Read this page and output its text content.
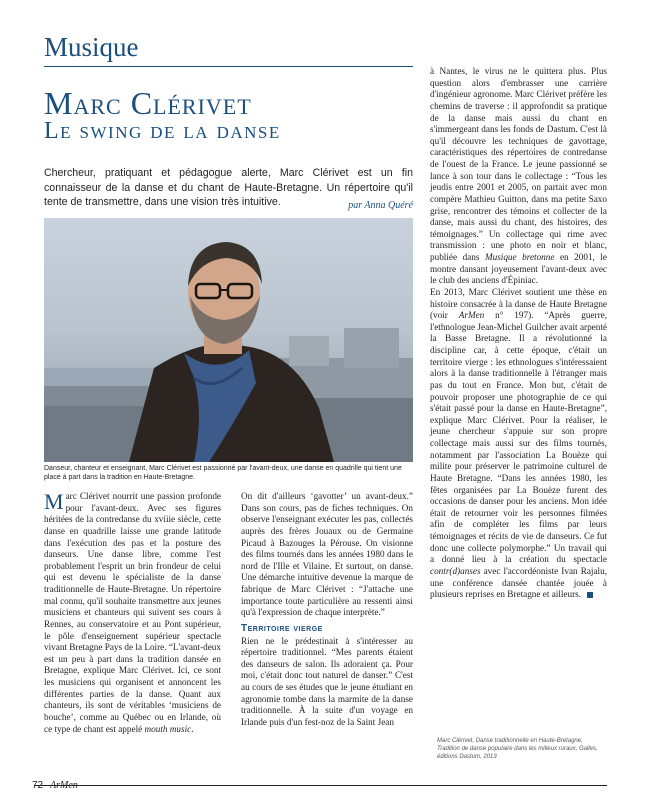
Musique
Marc Clérivet
Le swing de la danse

Chercheur, pratiquant et pédagogue alerte, Marc Clérivet est un fin connaisseur de la danse et du chant de Haute-Bretagne. Un répertoire qu'il tente de transmettre, dans une vision très intuitive.	par Anna Quéré

Danseur, chanteur et enseignant, Marc Clérivet est passionné par l'avant-deux, une danse en quadrille qui tient une place à part dans la tradition en Haute-Bretagne.

Marc Clérivet nourrit une passion profonde pour l'avant-deux. Avec ses figures héritées de la contredanse du xviiie siècle, cette danse en quadrille laisse une grande latitude dans l'exécution des pas et la posture des danseurs. Une danse libre, comme l'est probablement l'esprit un brin frondeur de celui qui est devenu le spécialiste de la danse traditionnelle de Haute-Bretagne. Un répertoire mal connu, qu'il souhaite transmettre aux jeunes musiciens et chanteurs qui suivent ses cours à Rennes, au conservatoire et au Pont supérieur, le pôle d'enseignement supérieur spectacle vivant Bretagne Pays de la Loire. “L'avant-deux est un peu à part dans la tradition dansée en Bretagne, explique Marc Clérivet. Ici, ce sont les musiciens qui organisent et annoncent les différentes parties de la danse. Quant aux chanteurs, ils sont de véritables ‘musiciens de bouche’, comme au Québec ou en Irlande, où ce type de chant est appelé mouth music.

On dit d'ailleurs ‘gavotter’ un avant-deux.” Dans son cours, pas de fiches techniques. On observe l'enseignant exécuter les pas, collectés auprès des frères Jouaux ou de Germaine Picaud à Bazouges la Pérouse. On visionne des films tournés dans les années 1980 dans le nord de l'Ille et Vilaine. Et surtout, on danse. Une démarche intuitive devenue la marque de fabrique de Marc Clérivet : “J'attache une importance toute particulière au ressenti ainsi qu'à l'expression de chaque interprète.”

Territoire vierge

Rien ne le prédestinait à s'intéresser au répertoire traditionnel. “Mes parents étaient des danseurs de salon. Ils adoraient ça. Pour moi, c'était donc tout naturel de danser.” C'est au cours de ses études que le jeune étudiant en agronomie tombe dans la marmite de la danse traditionnelle. À la suite d'un voyage en Irlande puis d'un fest-noz de la Saint Jean

à Nantes, le virus ne le quittera plus. Plus question alors d'embrasser une carrière d'ingénieur agronome. Marc Clérivet préfère les chemins de traverse : il approfondit sa pratique de la danse mais aussi du chant en s'immergeant dans les fonds de Dastum. C'est là qu'il découvre les techniques de gavottage, caractéristiques des répertoires de contredanse de l'ouest de la France. Le jeune passionné se lance à son tour dans le collectage : “Tous les jeudis entre 2001 et 2005, on partait avec mon compère Mathieu Guitton, dans ma petite Saxo grise, rencontrer des témoins et collecter de la danse, mais aussi du chant, des histoires, des témoignages.” Un collectage qui rime avec transmission : une photo en noir et blanc, publiée dans Musique bretonne en 2001, le montre dansant joyeusement l'avant-deux avec le club des anciens d'Épiniac.

En 2013, Marc Clérivet soutient une thèse en histoire consacrée à la danse de Haute Bretagne (voir ArMen n° 197). “Après guerre, l'ethnologue Jean-Michel Guilcher avait arpenté la Basse Bretagne. Il a révolutionné la discipline car, à cette époque, c'était un territoire vierge : les ethnologues s'intéressaient alors à la danse traditionnelle à l'étranger mais pas du tout en France. Mon but, c'était de pouvoir proposer une photographie de ce qui s'était passé pour la danse en Haute-Bretagne”, explique Marc Clérivet. Pour la réaliser, le jeune chercheur s'appuie sur son propre collectage mais aussi sur des films tournés, notamment par l'association La Bouèze qui milite pour préserver le patrimoine culturel de Haute Bretagne. “Dans les années 1980, les fêtes organisées par La Bouèze furent des occasions de danser pour les anciens. Mon idée était de retourner voir les personnes filmées afin de compléter les films par leurs témoignages et récits de vie de danseurs. Ce fut donc une collecte polymorphe.” Un travail qui a donné lieu à la création du spectacle contr(d)anses avec l'accordéoniste Ivan Rajalu, une conférence dansée chantée jouée à plusieurs reprises en Bretagne et ailleurs.

Marc Clérivet, Danse traditionnelle en Haute-Bretagne, Tradition de danse populaire dans les milieux ruraux, Galles, éditions Dastum, 2013
72 ArMen
